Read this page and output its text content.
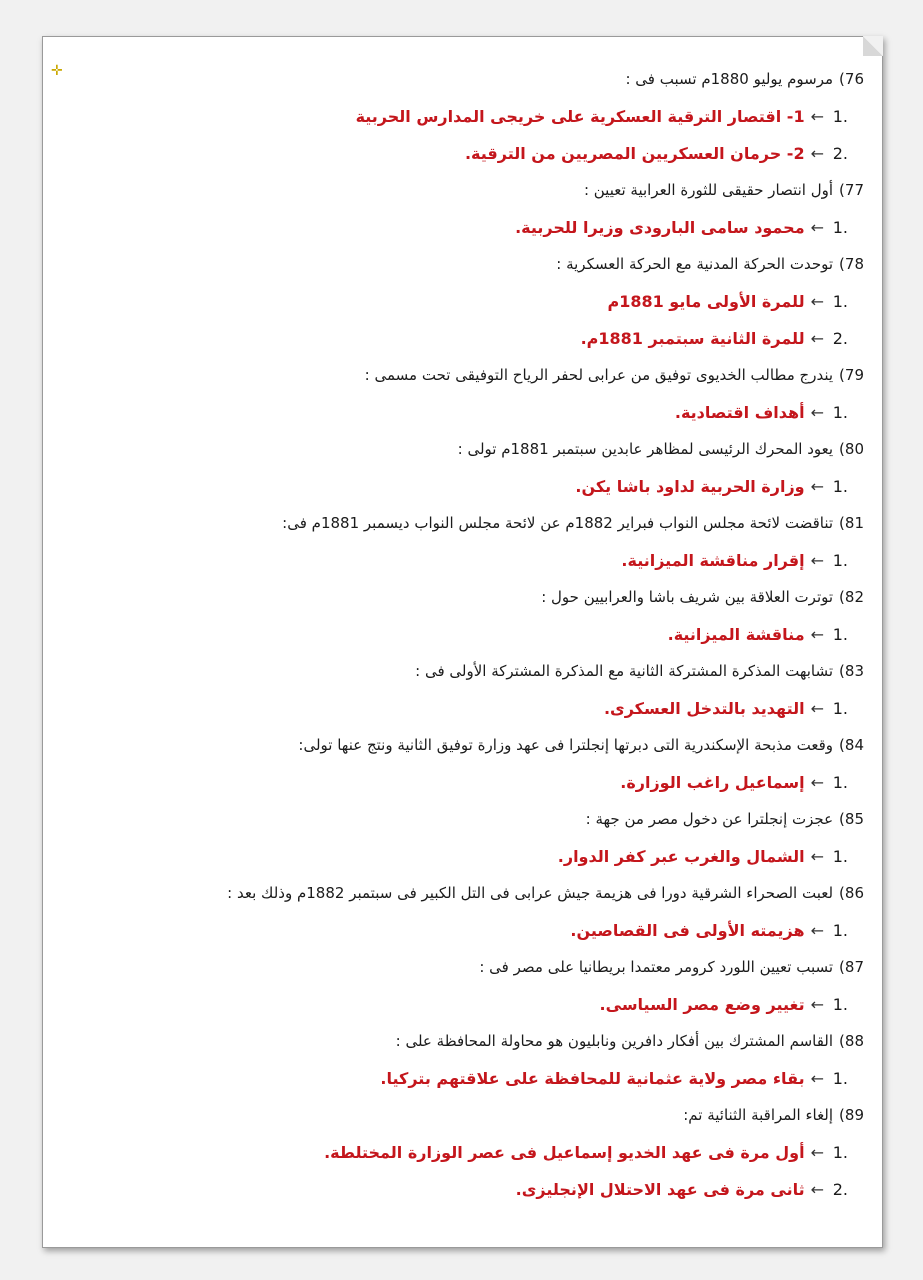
✛	76)مرسوم يوليو 1880م تسبب فى :
.1←1- اقتصار الترقية العسكرية على خريجى المدارس الحربية
.2←2- حرمان العسكريين المصريين من الترقية.
77)أول انتصار حقيقى للثورة العرابية تعيين :
.1←محمود سامى البارودى وزيرا للحربية.
78)توحدت الحركة المدنية مع الحركة العسكرية :
.1←للمرة الأولى مايو 1881م
.2←للمرة الثانية سبتمبر 1881م.
79)يندرج مطالب الخديوى توفيق من عرابى لحفر الرياح التوفيقى تحت مسمى :
.1←أهداف اقتصادية.
80)يعود المحرك الرئيسى لمظاهر عابدين سبتمبر 1881م تولى :
.1←وزارة الحربية لداود باشا يكن.
81)تناقضت لائحة مجلس النواب فبراير 1882م عن لائحة مجلس النواب ديسمبر 1881م فى:
.1←إقرار مناقشة الميزانية.
82)توترت العلاقة بين شريف باشا والعرابيين حول :
.1←مناقشة الميزانية.
83)تشابهت المذكرة المشتركة الثانية مع المذكرة المشتركة الأولى فى :
.1←التهديد بالتدخل العسكرى.
84)وقعت مذبحة الإسكندرية التى دبرتها إنجلترا فى عهد وزارة توفيق الثانية ونتج عنها تولى:
.1←إسماعيل راغب الوزارة.
85)عجزت إنجلترا عن دخول مصر من جهة :
.1←الشمال والغرب عبر كفر الدوار.
86)لعبت الصحراء الشرقية دورا فى هزيمة جيش عرابى فى التل الكبير فى سبتمبر 1882م وذلك بعد :
.1←هزيمته الأولى فى القصاصين.
87)تسبب تعيين اللورد كرومر معتمدا بريطانيا على مصر فى :
.1←تغيير وضع مصر السياسى.
88)القاسم المشترك بين أفكار دافرين ونابليون هو محاولة المحافظة على :
.1←بقاء مصر ولاية عثمانية للمحافظة على علاقتهم بتركيا.
89)إلغاء المراقبة الثنائية تم:
.1←أول مرة فى عهد الخديو إسماعيل فى عصر الوزارة المختلطة.
.2←ثانى مرة فى عهد الاحتلال الإنجليزى.
